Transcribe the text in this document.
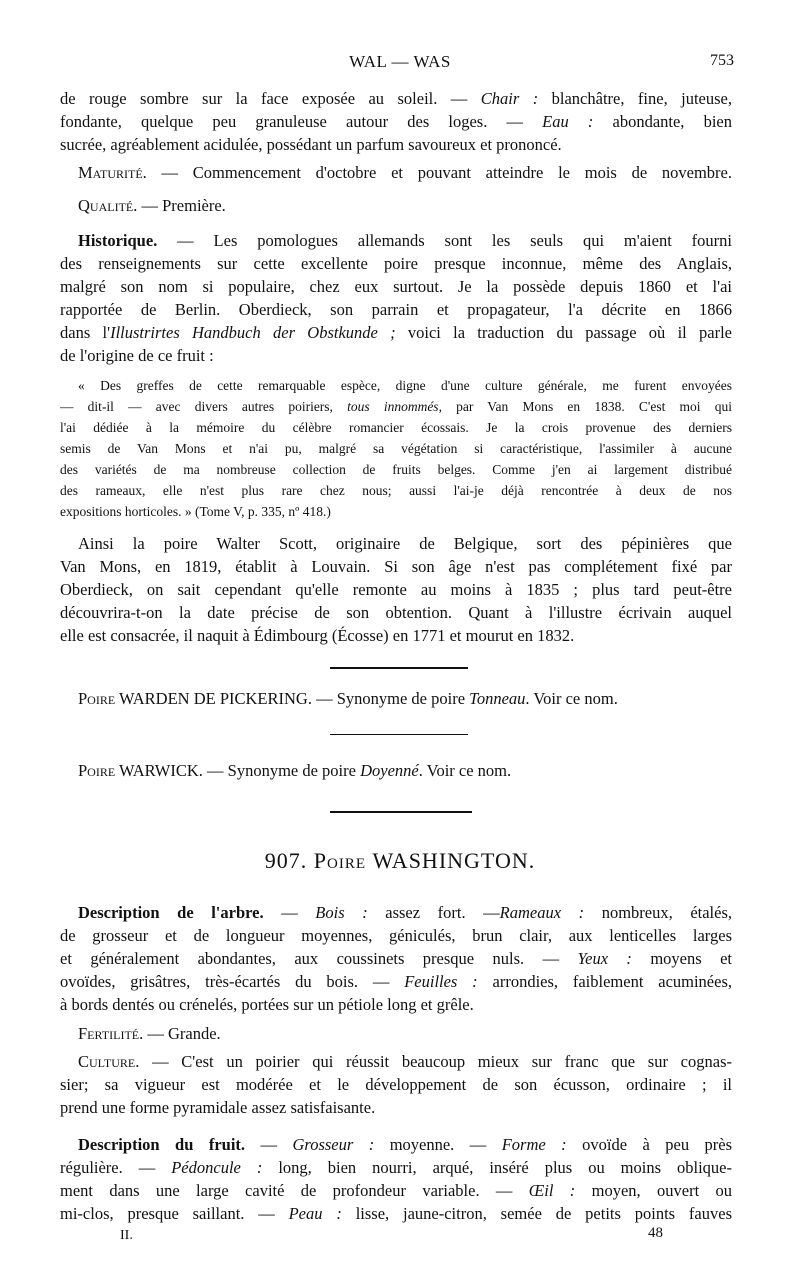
WAL — WAS	753
de rouge sombre sur la face exposée au soleil. — Chair : blanchâtre, fine, juteuse,
fondante, quelque peu granuleuse autour des loges. — Eau : abondante, bien
sucrée, agréablement acidulée, possédant un parfum savoureux et prononcé.
Maturité. — Commencement d'octobre et pouvant atteindre le mois de novembre.
Qualité. — Première.
Historique. — Les pomologues allemands sont les seuls qui m'aient fourni
des renseignements sur cette excellente poire presque inconnue, même des Anglais,
malgré son nom si populaire, chez eux surtout. Je la possède depuis 1860 et l'ai
rapportée de Berlin. Oberdieck, son parrain et propagateur, l'a décrite en 1866
dans l'Illustrirtes Handbuch der Obstkunde ; voici la traduction du passage où il parle
de l'origine de ce fruit :
« Des greffes de cette remarquable espèce, digne d'une culture générale, me furent envoyées
— dit-il — avec divers autres poiriers, tous innommés, par Van Mons en 1838. C'est moi qui
l'ai dédiée à la mémoire du célèbre romancier écossais. Je la crois provenue des derniers
semis de Van Mons et n'ai pu, malgré sa végétation si caractéristique, l'assimiler à aucune
des variétés de ma nombreuse collection de fruits belges. Comme j'en ai largement distribué
des rameaux, elle n'est plus rare chez nous; aussi l'ai-je déjà rencontrée à deux de nos
expositions horticoles. » (Tome V, p. 335, nº 418.)
Ainsi la poire Walter Scott, originaire de Belgique, sort des pépinières que
Van Mons, en 1819, établit à Louvain. Si son âge n'est pas complétement fixé par
Oberdieck, on sait cependant qu'elle remonte au moins à 1835 ; plus tard peut-être
découvrira-t-on la date précise de son obtention. Quant à l'illustre écrivain auquel
elle est consacrée, il naquit à Édimbourg (Écosse) en 1771 et mourut en 1832.
Poire WARDEN DE PICKERING. — Synonyme de poire Tonneau. Voir ce nom.
Poire WARWICK. — Synonyme de poire Doyenné. Voir ce nom.
907. Poire WASHINGTON.
Description de l'arbre. — Bois : assez fort. —Rameaux : nombreux, étalés,
de grosseur et de longueur moyennes, géniculés, brun clair, aux lenticelles larges
et généralement abondantes, aux coussinets presque nuls. — Yeux : moyens et
ovoïdes, grisâtres, très-écartés du bois. — Feuilles : arrondies, faiblement acuminées,
à bords dentés ou crénelés, portées sur un pétiole long et grêle.
Fertilité. — Grande.
Culture. — C'est un poirier qui réussit beaucoup mieux sur franc que sur cognas-
sier; sa vigueur est modérée et le développement de son écusson, ordinaire ; il
prend une forme pyramidale assez satisfaisante.
Description du fruit. — Grosseur : moyenne. — Forme : ovoïde à peu près
régulière. — Pédoncule : long, bien nourri, arqué, inséré plus ou moins oblique-
ment dans une large cavité de profondeur variable. — Œil : moyen, ouvert ou
mi-clos, presque saillant. — Peau : lisse, jaune-citron, semée de petits points fauves
II.	48
